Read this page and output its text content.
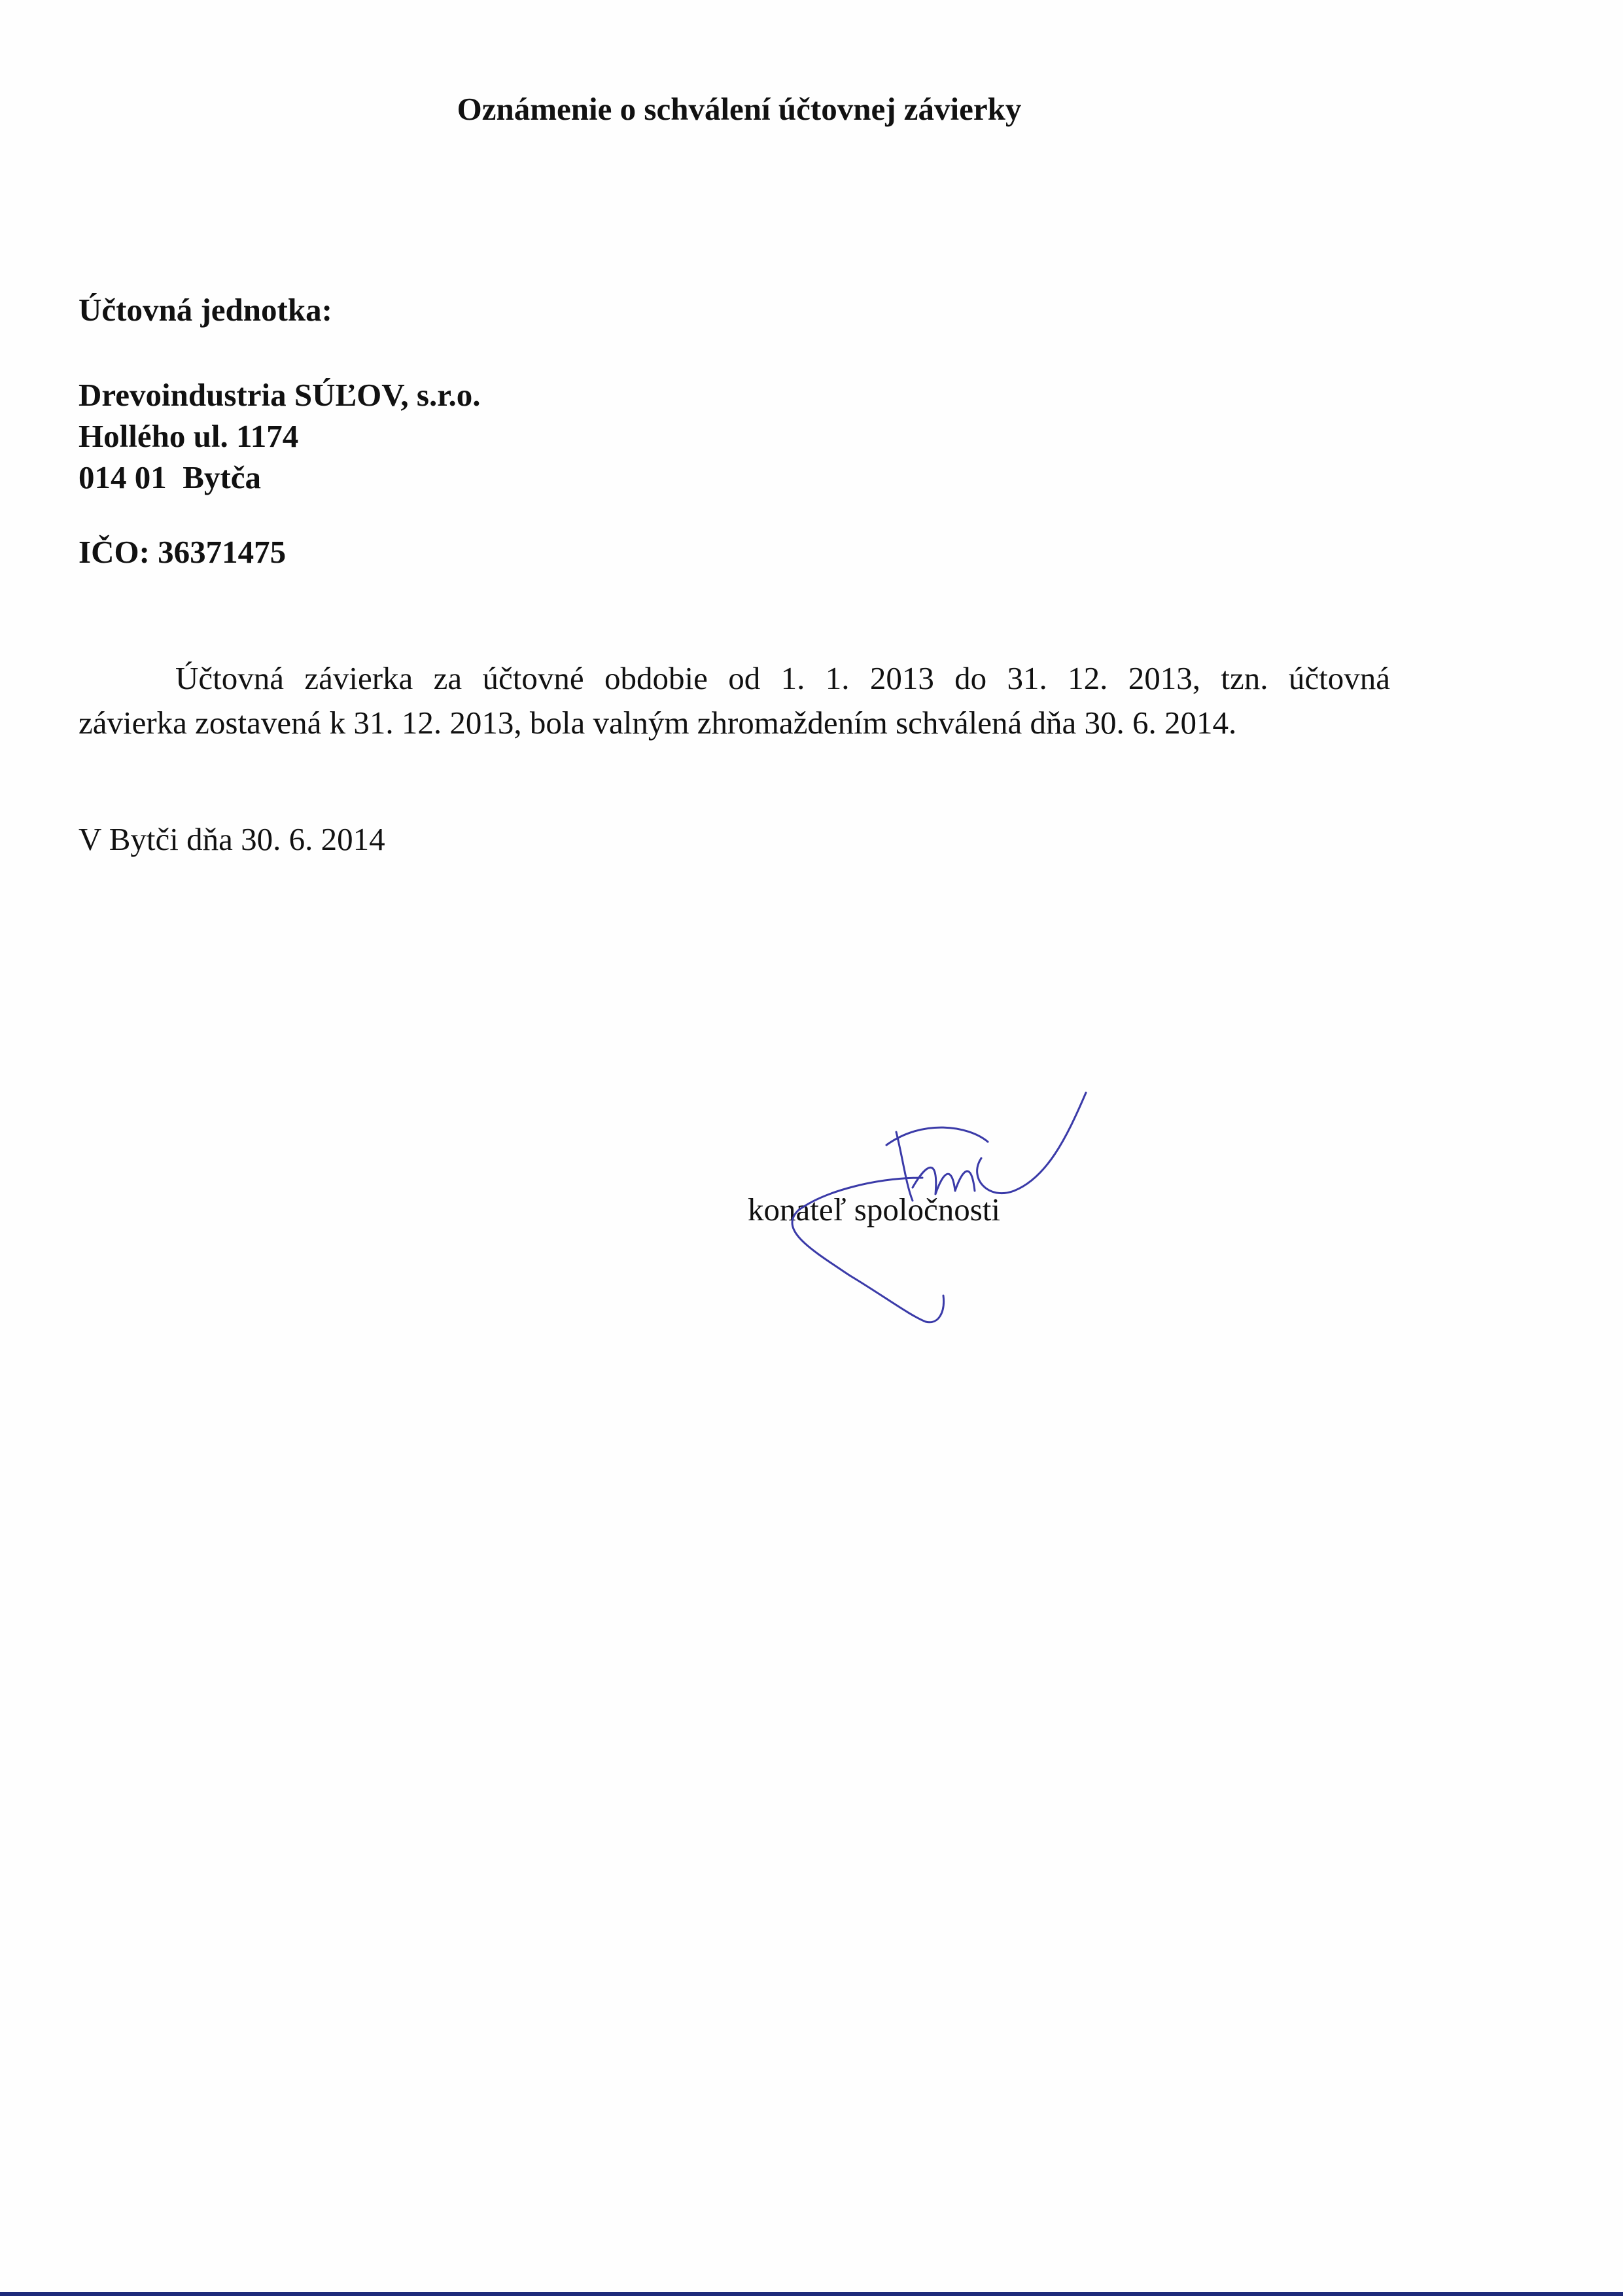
Oznámenie o schválení účtovnej závierky
Účtovná jednotka:
Drevoindustria SÚĽOV, s.r.o.
Hollého ul. 1174
014 01  Bytča
IČO: 36371475
Účtovná závierka za účtovné obdobie od 1. 1. 2013 do 31. 12. 2013, tzn. účtovná
závierka zostavená k 31. 12. 2013, bola valným zhromaždením schválená dňa 30. 6. 2014.
V Bytči dňa 30. 6. 2014
konateľ spoločnosti
